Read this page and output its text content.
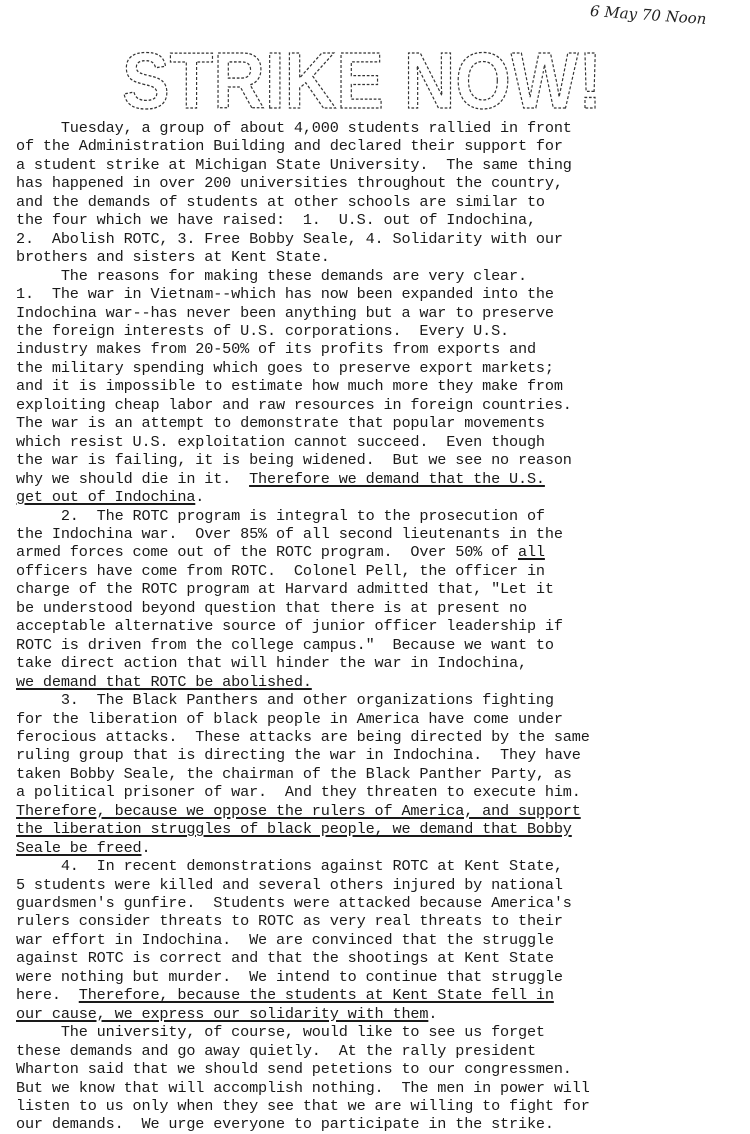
6 May 70 Noon
STRIKE NOW!
Tuesday, a group of about 4,000 students rallied in front
of the Administration Building and declared their support for
a student strike at Michigan State University.  The same thing
has happened in over 200 universities throughout the country,
and the demands of students at other schools are similar to
the four which we have raised:  1.  U.S. out of Indochina,
2.  Abolish ROTC, 3. Free Bobby Seale, 4. Solidarity with our
brothers and sisters at Kent State.
The reasons for making these demands are very clear.
1.  The war in Vietnam--which has now been expanded into the
Indochina war--has never been anything but a war to preserve
the foreign interests of U.S. corporations.  Every U.S.
industry makes from 20-50% of its profits from exports and
the military spending which goes to preserve export markets;
and it is impossible to estimate how much more they make from
exploiting cheap labor and raw resources in foreign countries.
The war is an attempt to demonstrate that popular movements
which resist U.S. exploitation cannot succeed.  Even though
the war is failing, it is being widened.  But we see no reason
why we should die in it.  Therefore we demand that the U.S.
get out of Indochina.
2.  The ROTC program is integral to the prosecution of
the Indochina war.  Over 85% of all second lieutenants in the
armed forces come out of the ROTC program.  Over 50% of all
officers have come from ROTC.  Colonel Pell, the officer in
charge of the ROTC program at Harvard admitted that, "Let it
be understood beyond question that there is at present no
acceptable alternative source of junior officer leadership if
ROTC is driven from the college campus."  Because we want to
take direct action that will hinder the war in Indochina,
we demand that ROTC be abolished.
3.  The Black Panthers and other organizations fighting
for the liberation of black people in America have come under
ferocious attacks.  These attacks are being directed by the same
ruling group that is directing the war in Indochina.  They have
taken Bobby Seale, the chairman of the Black Panther Party, as
a political prisoner of war.  And they threaten to execute him.
Therefore, because we oppose the rulers of America, and support
the liberation struggles of black people, we demand that Bobby
Seale be freed.
4.  In recent demonstrations against ROTC at Kent State,
5 students were killed and several others injured by national
guardsmen's gunfire.  Students were attacked because America's
rulers consider threats to ROTC as very real threats to their
war effort in Indochina.  We are convinced that the struggle
against ROTC is correct and that the shootings at Kent State
were nothing but murder.  We intend to continue that struggle
here.  Therefore, because the students at Kent State fell in
our cause, we express our solidarity with them.
The university, of course, would like to see us forget
these demands and go away quietly.  At the rally president
Wharton said that we should send petetions to our congressmen.
But we know that will accomplish nothing.  The men in power will
listen to us only when they see that we are willing to fight for
our demands.  We urge everyone to participate in the strike.
